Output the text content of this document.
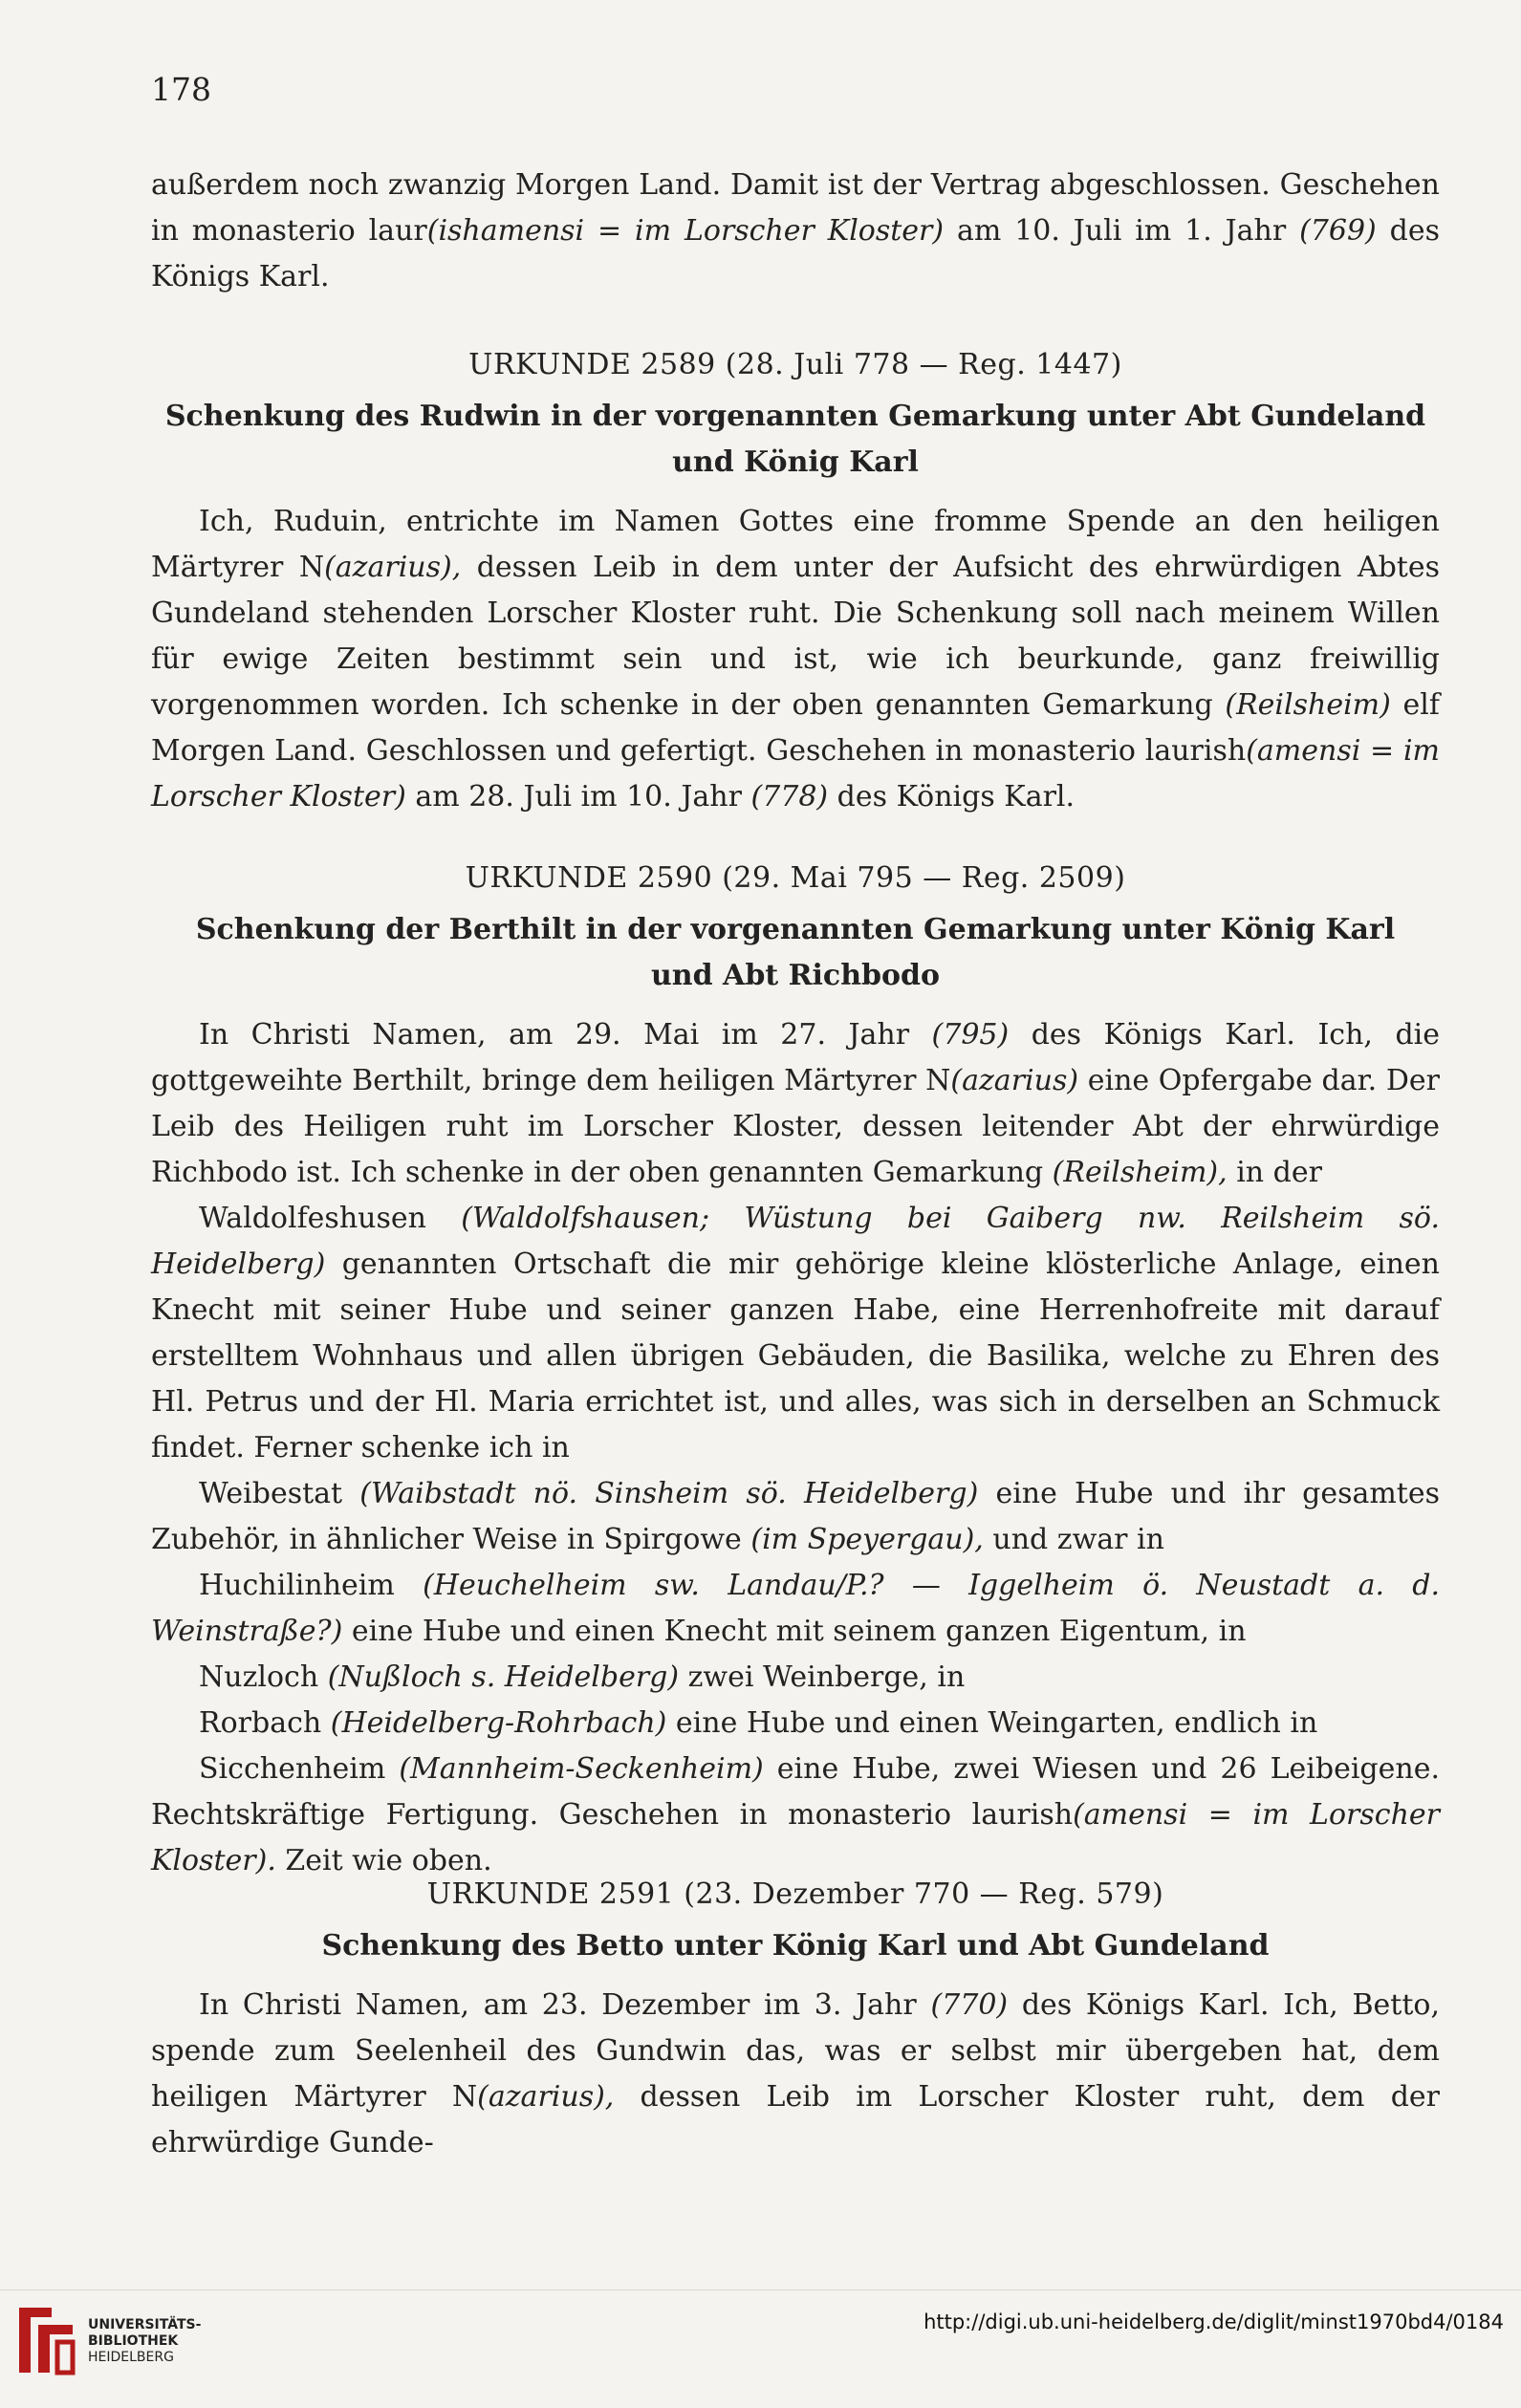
178

außerdem noch zwanzig Morgen Land. Damit ist der Vertrag abgeschlossen. Geschehen in monasterio laur(ishamensi = im Lorscher Kloster) am 10. Juli im 1. Jahr (769) des Königs Karl.

URKUNDE 2589 (28. Juli 778 — Reg. 1447)
Schenkung des Rudwin in der vorgenannten Gemarkung unter Abt Gundeland
und König Karl

Ich, Ruduin, entrichte im Namen Gottes eine fromme Spende an den heiligen Märtyrer N(azarius), dessen Leib in dem unter der Aufsicht des ehrwürdigen Abtes Gundeland stehenden Lorscher Kloster ruht. Die Schenkung soll nach meinem Willen für ewige Zeiten bestimmt sein und ist, wie ich beurkunde, ganz freiwillig vorgenommen worden. Ich schenke in der oben genannten Gemarkung (Reilsheim) elf Morgen Land. Geschlossen und gefertigt. Geschehen in monasterio laurish(amensi = im Lorscher Kloster) am 28. Juli im 10. Jahr (778) des Königs Karl.

URKUNDE 2590 (29. Mai 795 — Reg. 2509)
Schenkung der Berthilt in der vorgenannten Gemarkung unter König Karl
und Abt Richbodo

In Christi Namen, am 29. Mai im 27. Jahr (795) des Königs Karl. Ich, die gottgeweihte Berthilt, bringe dem heiligen Märtyrer N(azarius) eine Opfergabe dar. Der Leib des Heiligen ruht im Lorscher Kloster, dessen leitender Abt der ehrwürdige Richbodo ist. Ich schenke in der oben genannten Gemarkung (Reilsheim), in der

Waldolfeshusen (Waldolfshausen; Wüstung bei Gaiberg nw. Reilsheim sö. Heidelberg) genannten Ortschaft die mir gehörige kleine klösterliche Anlage, einen Knecht mit seiner Hube und seiner ganzen Habe, eine Herrenhofreite mit darauf erstelltem Wohnhaus und allen übrigen Gebäuden, die Basilika, welche zu Ehren des Hl. Petrus und der Hl. Maria errichtet ist, und alles, was sich in derselben an Schmuck findet. Ferner schenke ich in

Weibestat (Waibstadt nö. Sinsheim sö. Heidelberg) eine Hube und ihr gesamtes Zubehör, in ähnlicher Weise in Spirgowe (im Speyergau), und zwar in

Huchilinheim (Heuchelheim sw. Landau/P.? — Iggelheim ö. Neustadt a. d. Weinstraße?) eine Hube und einen Knecht mit seinem ganzen Eigentum, in

Nuzloch (Nußloch s. Heidelberg) zwei Weinberge, in

Rorbach (Heidelberg-Rohrbach) eine Hube und einen Weingarten, endlich in

Sicchenheim (Mannheim-Seckenheim) eine Hube, zwei Wiesen und 26 Leibeigene. Rechtskräftige Fertigung. Geschehen in monasterio laurish(amensi = im Lorscher Kloster). Zeit wie oben.

URKUNDE 2591 (23. Dezember 770 — Reg. 579)
Schenkung des Betto unter König Karl und Abt Gundeland

In Christi Namen, am 23. Dezember im 3. Jahr (770) des Königs Karl. Ich, Betto, spende zum Seelenheil des Gundwin das, was er selbst mir übergeben hat, dem heiligen Märtyrer N(azarius), dessen Leib im Lorscher Kloster ruht, dem der ehrwürdige Gunde-

UNIVERSITÄTS-
BIBLIOTHEK
HEIDELBERG
http://digi.ub.uni-heidelberg.de/diglit/minst1970bd4/0184
